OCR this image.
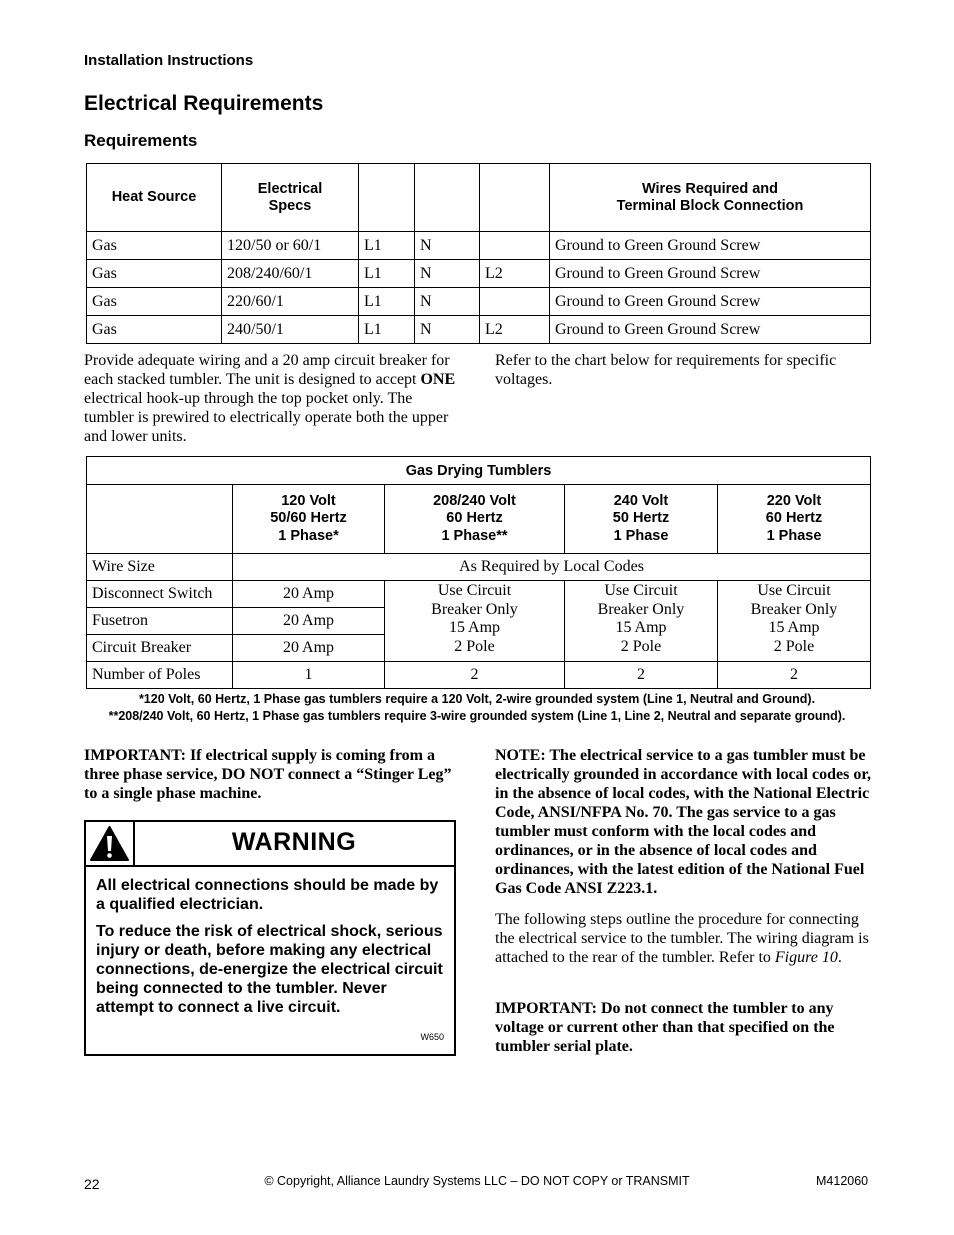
Installation Instructions
Electrical Requirements
Requirements
Heat Source	Electrical
Specs				Wires Required and
Terminal Block Connection
Gas	120/50 or 60/1	L1	N		Ground to Green Ground Screw
Gas	208/240/60/1	L1	N	L2	Ground to Green Ground Screw
Gas	220/60/1	L1	N		Ground to Green Ground Screw
Gas	240/50/1	L1	N	L2	Ground to Green Ground Screw
Provide adequate wiring and a 20 amp circuit breaker for each stacked tumbler. The unit is designed to accept ONE electrical hook-up through the top pocket only. The tumbler is prewired to electrically operate both the upper and lower units.
Refer to the chart below for requirements for specific voltages.
Gas Drying Tumblers				
	120 Volt
50/60 Hertz
1 Phase*	208/240 Volt
60 Hertz
1 Phase**	240 Volt
50 Hertz
1 Phase	220 Volt
60 Hertz
1 Phase
Wire Size	As Required by Local Codes			
Disconnect Switch	20 Amp	Use Circuit
Breaker Only
15 Amp
2 Pole	Use Circuit
Breaker Only
15 Amp
2 Pole	Use Circuit
Breaker Only
15 Amp
2 Pole
Fusetron	20 Amp			
Circuit Breaker	20 Amp			
Number of Poles	1	2	2	2
*120 Volt, 60 Hertz, 1 Phase gas tumblers require a 120 Volt, 2-wire grounded system (Line 1, Neutral and Ground).
**208/240 Volt, 60 Hertz, 1 Phase gas tumblers require 3-wire grounded system (Line 1, Line 2, Neutral and separate ground).
IMPORTANT: If electrical supply is coming from a three phase service, DO NOT connect a “Stinger Leg” to a single phase machine.
WARNING

All electrical connections should be made by a qualified electrician.

To reduce the risk of electrical shock, serious injury or death, before making any electrical connections, de-energize the electrical circuit being connected to the tumbler. Never attempt to connect a live circuit.

W650
NOTE: The electrical service to a gas tumbler must be electrically grounded in accordance with local codes or, in the absence of local codes, with the National Electric Code, ANSI/NFPA No. 70. The gas service to a gas tumbler must conform with the local codes and ordinances, or in the absence of local codes and ordinances, with the latest edition of the National Fuel Gas Code ANSI Z223.1.
The following steps outline the procedure for connecting the electrical service to the tumbler. The wiring diagram is attached to the rear of the tumbler. Refer to Figure 10.
IMPORTANT: Do not connect the tumbler to any voltage or current other than that specified on the tumbler serial plate.
© Copyright, Alliance Laundry Systems LLC – DO NOT COPY or TRANSMIT
22	M412060
